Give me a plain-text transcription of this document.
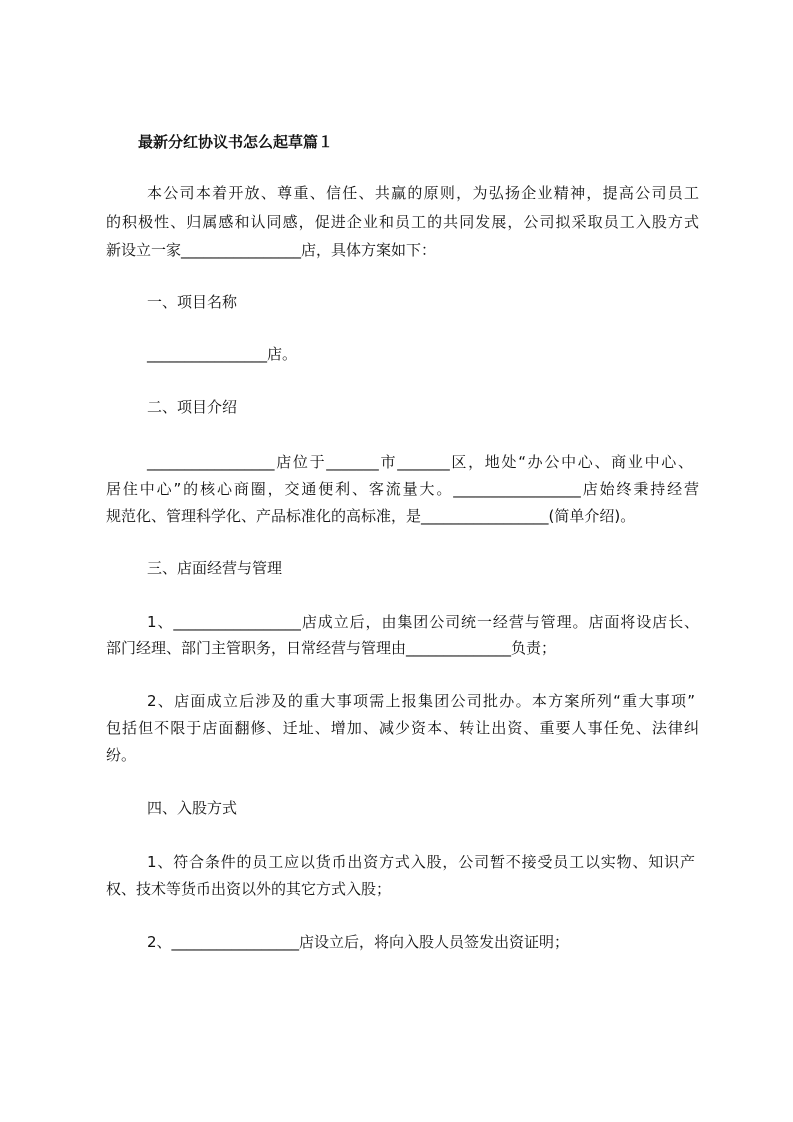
最新分红协议书怎么起草篇１
本公司本着开放、尊重、信任、共赢的原则，为弘扬企业精神，提高公司员工
的积极性、归属感和认同感，促进企业和员工的共同发展，公司拟采取员工入股方式
新设立一家________________店，具体方案如下：
一、项目名称
________________店。
二、项目介绍
_________________店位于_______市_______区，地处“办公中心、商业中心、
居住中心”的核心商圈，交通便利、客流量大。_________________店始终秉持经营
规范化、管理科学化、产品标准化的高标准，是_________________(简单介绍)。
三、店面经营与管理
1、_________________店成立后，由集团公司统一经营与管理。店面将设店长、
部门经理、部门主管职务，日常经营与管理由______________负责；
2、店面成立后涉及的重大事项需上报集团公司批办。本方案所列“重大事项”
包括但不限于店面翻修、迁址、增加、减少资本、转让出资、重要人事任免、法律纠
纷。
四、入股方式
1、符合条件的员工应以货币出资方式入股，公司暂不接受员工以实物、知识产
权、技术等货币出资以外的其它方式入股；
2、_________________店设立后，将向入股人员签发出资证明；
